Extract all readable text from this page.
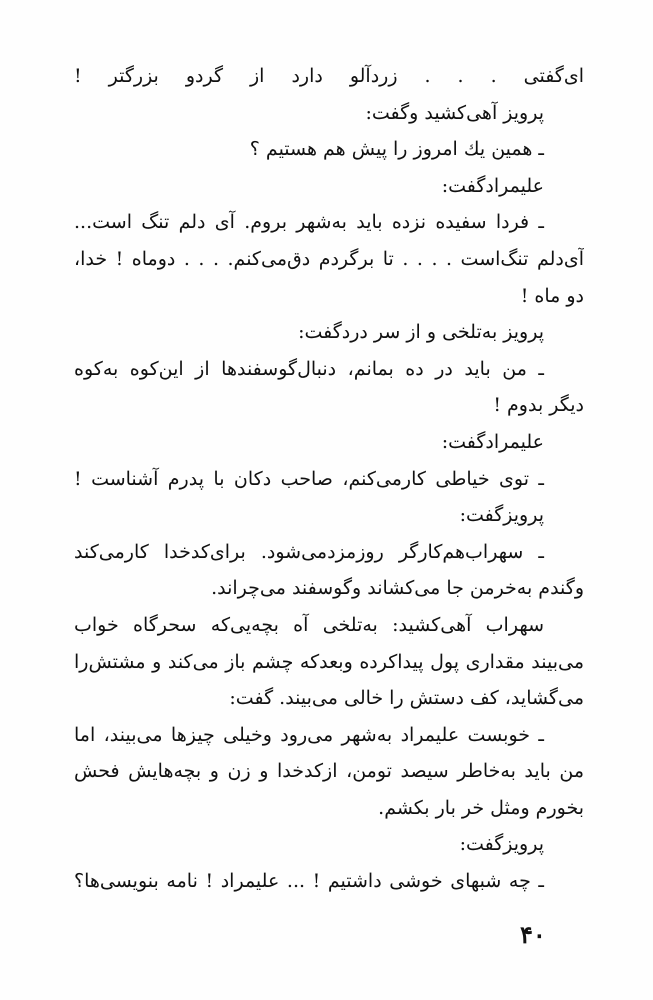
ای‌گفتی . . . زردآلو دارد از گردو بزرگتر !
پرویز آهی‌کشید وگفت:
ـ همین یك امروز را پیش هم هستیم ؟
علیمرادگفت:
ـ فردا سفیده نزده باید به‌شهر بروم. آی دلم تنگ است...
آی‌دلم تنگ‌است . . . . تا برگردم دق‌می‌کنم. . . . دوماه ! خدا،
دو ماه !
پرویز به‌تلخی و از سر دردگفت:
ـ من باید در ده بمانم، دنبال‌گوسفندها از این‌کوه به‌کوه
دیگر بدوم !
علیمرادگفت:
ـ توی خیاطی کارمی‌کنم، صاحب دکان با پدرم آشناست !
پرویزگفت:
ـ سهراب‌هم‌کارگر روزمزدمی‌شود. برای‌کدخدا کارمی‌کند
وگندم به‌خرمن جا می‌کشاند وگوسفند می‌چراند.
سهراب آهی‌کشید: به‌تلخی آه بچه‌یی‌که سحرگاه خواب
می‌بیند مقداری پول پیداکرده وبعدکه چشم باز می‌کند و مشتش‌را
می‌گشاید، کف دستش را خالی می‌بیند. گفت:
ـ خوبست علیمراد به‌شهر می‌رود وخیلی چیزها می‌بیند، اما
من باید به‌خاطر سیصد تومن، ازکدخدا و زن و بچه‌هایش فحش
بخورم ومثل خر بار بکشم.
پرویزگفت:
ـ چه شبهای خوشی داشتیم ! ... علیمراد ! نامه بنویسی‌ها؟
۴۰
